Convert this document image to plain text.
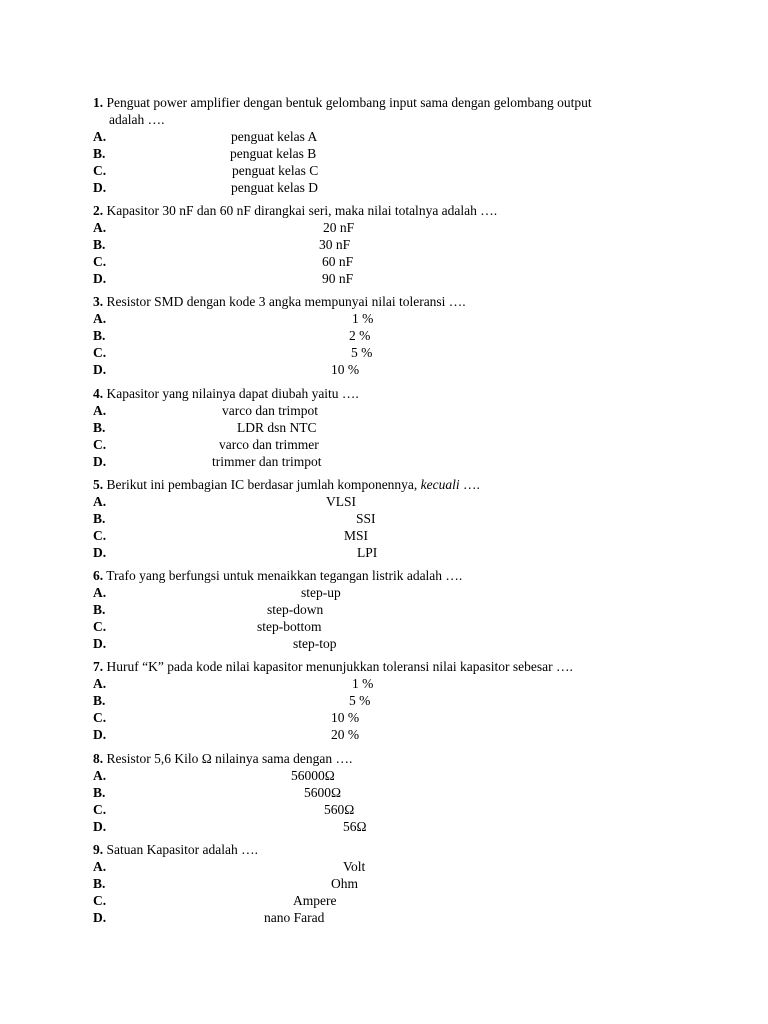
1. Penguat power amplifier dengan bentuk gelombang input sama dengan gelombang output
adalah ….
A.	penguat kelas A
B.	penguat kelas B
C.	penguat kelas C
D.	penguat kelas D
2. Kapasitor 30 nF dan 60 nF dirangkai seri, maka nilai totalnya adalah ….
A.	20 nF
B.	30 nF
C.	60 nF
D.	90 nF
3. Resistor SMD dengan kode 3 angka mempunyai nilai toleransi ….
A.	1 %
B.	2 %
C.	5 %
D.	10 %
4. Kapasitor yang nilainya dapat diubah yaitu ….
A.	varco dan trimpot
B.	LDR dsn NTC
C.	varco dan trimmer
D.	trimmer dan trimpot
5. Berikut ini pembagian IC berdasar jumlah komponennya, kecuali ….
A.	VLSI
B.	SSI
C.	MSI
D.	LPI
6. Trafo yang berfungsi untuk menaikkan tegangan listrik adalah ….
A.	step-up
B.	step-down
C.	step-bottom
D.	step-top
7. Huruf “K” pada kode nilai kapasitor menunjukkan toleransi nilai kapasitor sebesar ….
A.	1 %
B.	5 %
C.	10 %
D.	20 %
8. Resistor 5,6 Kilo Ω nilainya sama dengan ….
A.	56000Ω
B.	5600Ω
C.	560Ω
D.	56Ω
9. Satuan Kapasitor adalah ….
A.	Volt
B.	Ohm
C.	Ampere
D.	nano Farad
